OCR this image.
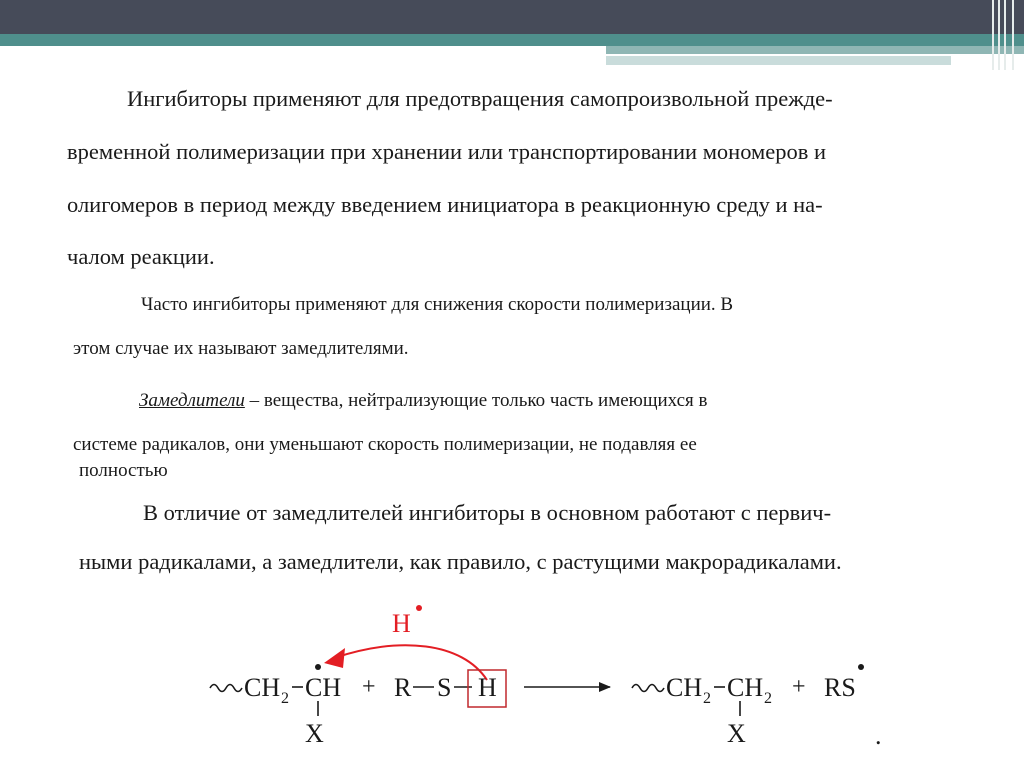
Ингибиторы применяют для предотвращения самопроизвольной прежде-
временной полимеризации при хранении или транспортировании мономеров и
олигомеров в период между введением инициатора в реакционную среду и на-
чалом реакции.
Часто ингибиторы применяют для снижения скорости полимеризации. В
этом случае их называют замедлителями.
Замедлители – вещества, нейтрализующие только часть имеющихся в
системе радикалов, они уменьшают скорость полимеризации, не подавляя ее
полностью
В отличие от замедлителей ингибиторы в основном работают с первич-
ными радикалами, а замедлители, как правило, с растущими макрорадикалами.
H
CH 2 CH
X
+ R S H	CH 2 CH 2
X
+ RS
.
